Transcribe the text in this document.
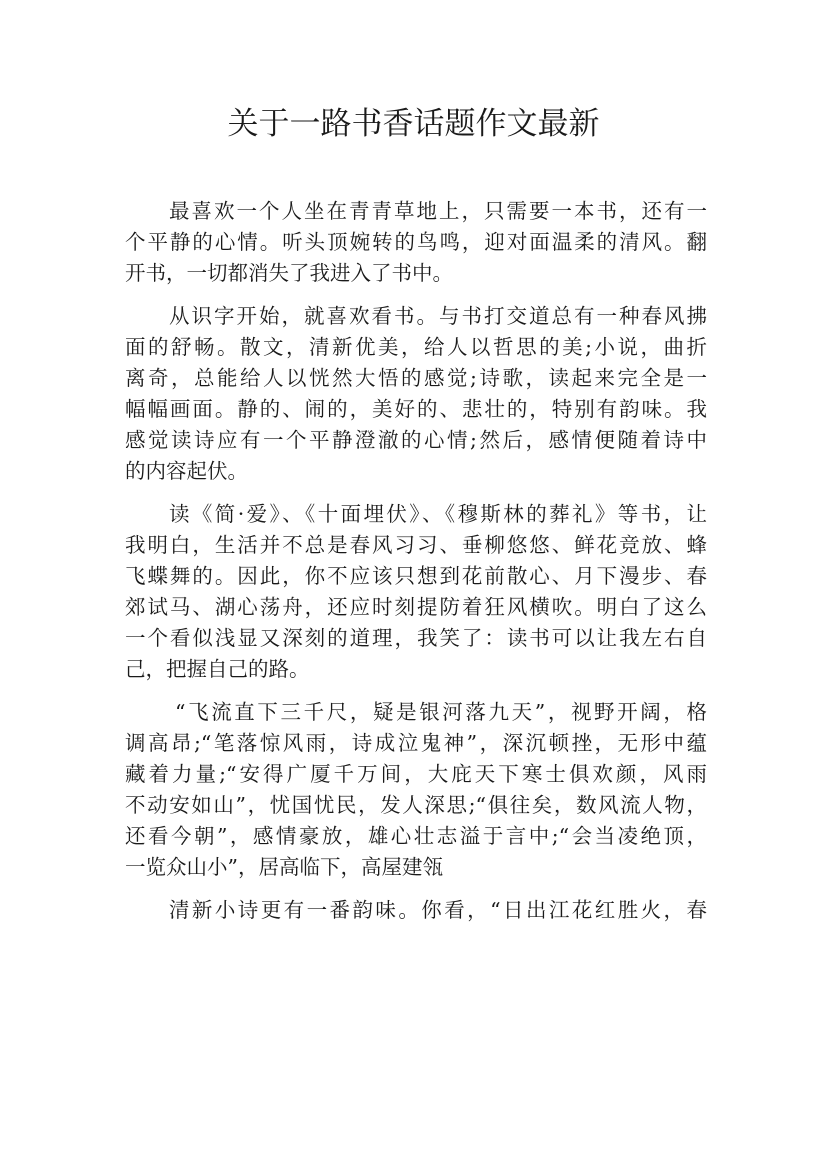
关于一路书香话题作文最新
最喜欢一个人坐在青青草地上，只需要一本书，还有一
个平静的心情。听头顶婉转的鸟鸣，迎对面温柔的清风。翻
开书，一切都消失了我进入了书中。
从识字开始，就喜欢看书。与书打交道总有一种春风拂
面的舒畅。散文，清新优美，给人以哲思的美;小说，曲折
离奇，总能给人以恍然大悟的感觉;诗歌，读起来完全是一
幅幅画面。静的、闹的，美好的、悲壮的，特别有韵味。我
感觉读诗应有一个平静澄澈的心情;然后，感情便随着诗中
的内容起伏。
读《简·爱》、《十面埋伏》、《穆斯林的葬礼》等书，让
我明白，生活并不总是春风习习、垂柳悠悠、鲜花竞放、蜂
飞蝶舞的。因此，你不应该只想到花前散心、月下漫步、春
郊试马、湖心荡舟，还应时刻提防着狂风横吹。明白了这么
一个看似浅显又深刻的道理，我笑了：读书可以让我左右自
己，把握自己的路。
“飞流直下三千尺，疑是银河落九天”，视野开阔，格
调高昂;“笔落惊风雨，诗成泣鬼神”，深沉顿挫，无形中蕴
藏着力量;“安得广厦千万间，大庇天下寒士俱欢颜，风雨
不动安如山”，忧国忧民，发人深思;“俱往矣，数风流人物，
还看今朝”，感情豪放，雄心壮志溢于言中;“会当凌绝顶，
一览众山小”，居高临下，高屋建瓴
清新小诗更有一番韵味。你看，“日出江花红胜火，春
